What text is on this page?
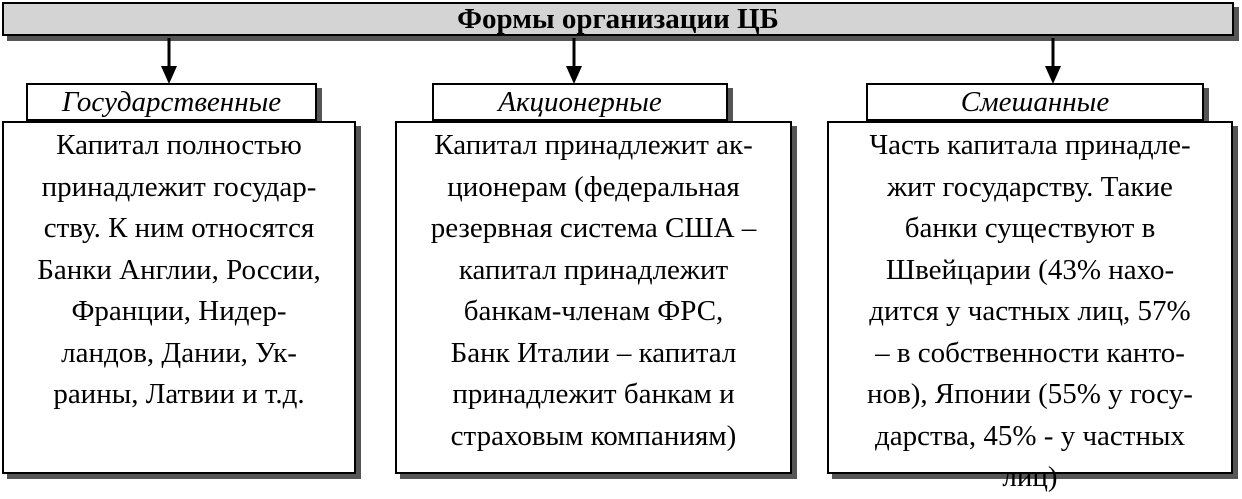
Формы организации ЦБ
Государственные
Капитал полностью
принадлежит государ-
ству. К ним относятся
Банки Англии, России,
Франции, Нидер-
ландов, Дании, Ук-
раины, Латвии и т.д.
Акционерные
Капитал принадлежит ак-
ционерам (федеральная
резервная система США –
капитал принадлежит
банкам-членам ФРС,
Банк Италии – капитал
принадлежит банкам и
страховым компаниям)
Смешанные
Часть капитала принадле-
жит государству. Такие
банки существуют в
Швейцарии (43% нахо-
дится у частных лиц, 57%
– в собственности канто-
нов), Японии (55% у госу-
дарства, 45% - у частных
лиц)
